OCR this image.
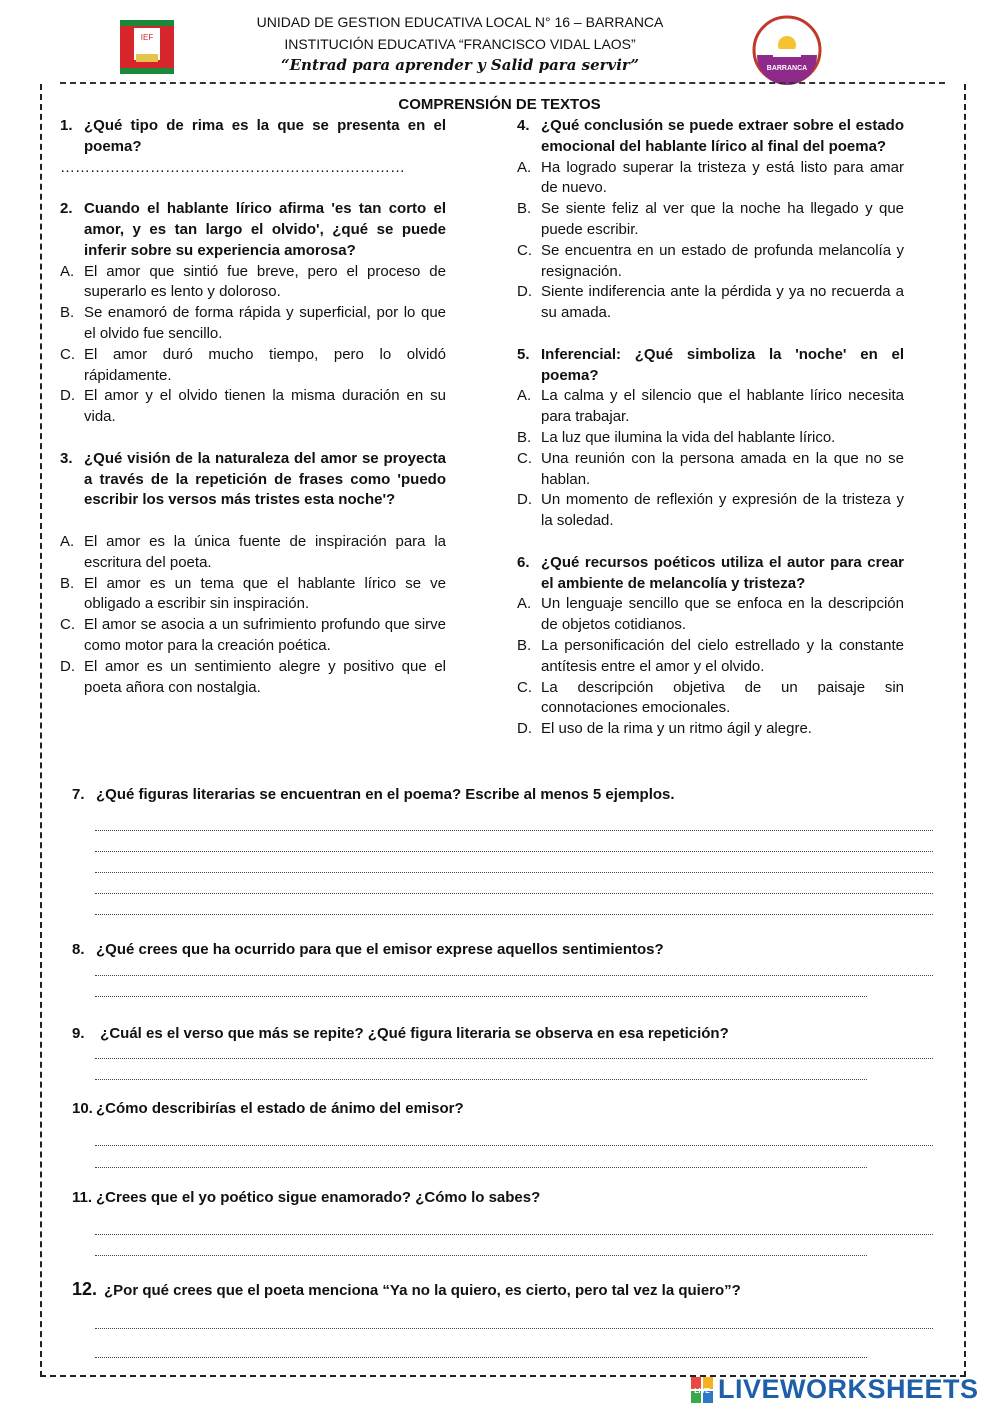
IEF
UNIDAD DE GESTION EDUCATIVA LOCAL N° 16 – BARRANCA
INSTITUCIÓN EDUCATIVA “FRANCISCO VIDAL LAOS”
“Entrad para aprender y Salid para servir”	BARRANCA
COMPRENSIÓN DE TEXTOS
1. ¿Qué tipo de rima es la que se presenta en el poema?
……………………………………………………………
2. Cuando el hablante lírico afirma 'es tan corto el amor, y es tan largo el olvido', ¿qué se puede inferir sobre su experiencia amorosa?
A. El amor que sintió fue breve, pero el proceso de superarlo es lento y doloroso.
B. Se enamoró de forma rápida y superficial, por lo que el olvido fue sencillo.
C. El amor duró mucho tiempo, pero lo olvidó rápidamente.
D. El amor y el olvido tienen la misma duración en su vida.
3. ¿Qué visión de la naturaleza del amor se proyecta a través de la repetición de frases como 'puedo escribir los versos más tristes esta noche'?
A. El amor es la única fuente de inspiración para la escritura del poeta.
B. El amor es un tema que el hablante lírico se ve obligado a escribir sin inspiración.
C. El amor se asocia a un sufrimiento profundo que sirve como motor para la creación poética.
D. El amor es un sentimiento alegre y positivo que el poeta añora con nostalgia.
4. ¿Qué conclusión se puede extraer sobre el estado emocional del hablante lírico al final del poema?
A. Ha logrado superar la tristeza y está listo para amar de nuevo.
B. Se siente feliz al ver que la noche ha llegado y que puede escribir.
C. Se encuentra en un estado de profunda melancolía y resignación.
D. Siente indiferencia ante la pérdida y ya no recuerda a su amada.
5. Inferencial: ¿Qué simboliza la 'noche' en el poema?
A. La calma y el silencio que el hablante lírico necesita para trabajar.
B. La luz que ilumina la vida del hablante lírico.
C. Una reunión con la persona amada en la que no se hablan.
D. Un momento de reflexión y expresión de la tristeza y la soledad.
6. ¿Qué recursos poéticos utiliza el autor para crear el ambiente de melancolía y tristeza?
A. Un lenguaje sencillo que se enfoca en la descripción de objetos cotidianos.
B. La personificación del cielo estrellado y la constante antítesis entre el amor y el olvido.
C. La descripción objetiva de un paisaje sin connotaciones emocionales.
D. El uso de la rima y un ritmo ágil y alegre.
7. ¿Qué figuras literarias se encuentran en el poema? Escribe al menos 5 ejemplos.
8. ¿Qué crees que ha ocurrido para que el emisor exprese aquellos sentimientos?
9. ¿Cuál es el verso que más se repite? ¿Qué figura literaria se observa en esa repetición?
10. ¿Cómo describirías el estado de ánimo del emisor?
11. ¿Crees que el yo poético sigue enamorado? ¿Cómo lo sabes?
12. ¿Por qué crees que el poeta menciona “Ya no la quiero, es cierto, pero tal vez la quiero”?
LIVE LIVEWORKSHEETS
